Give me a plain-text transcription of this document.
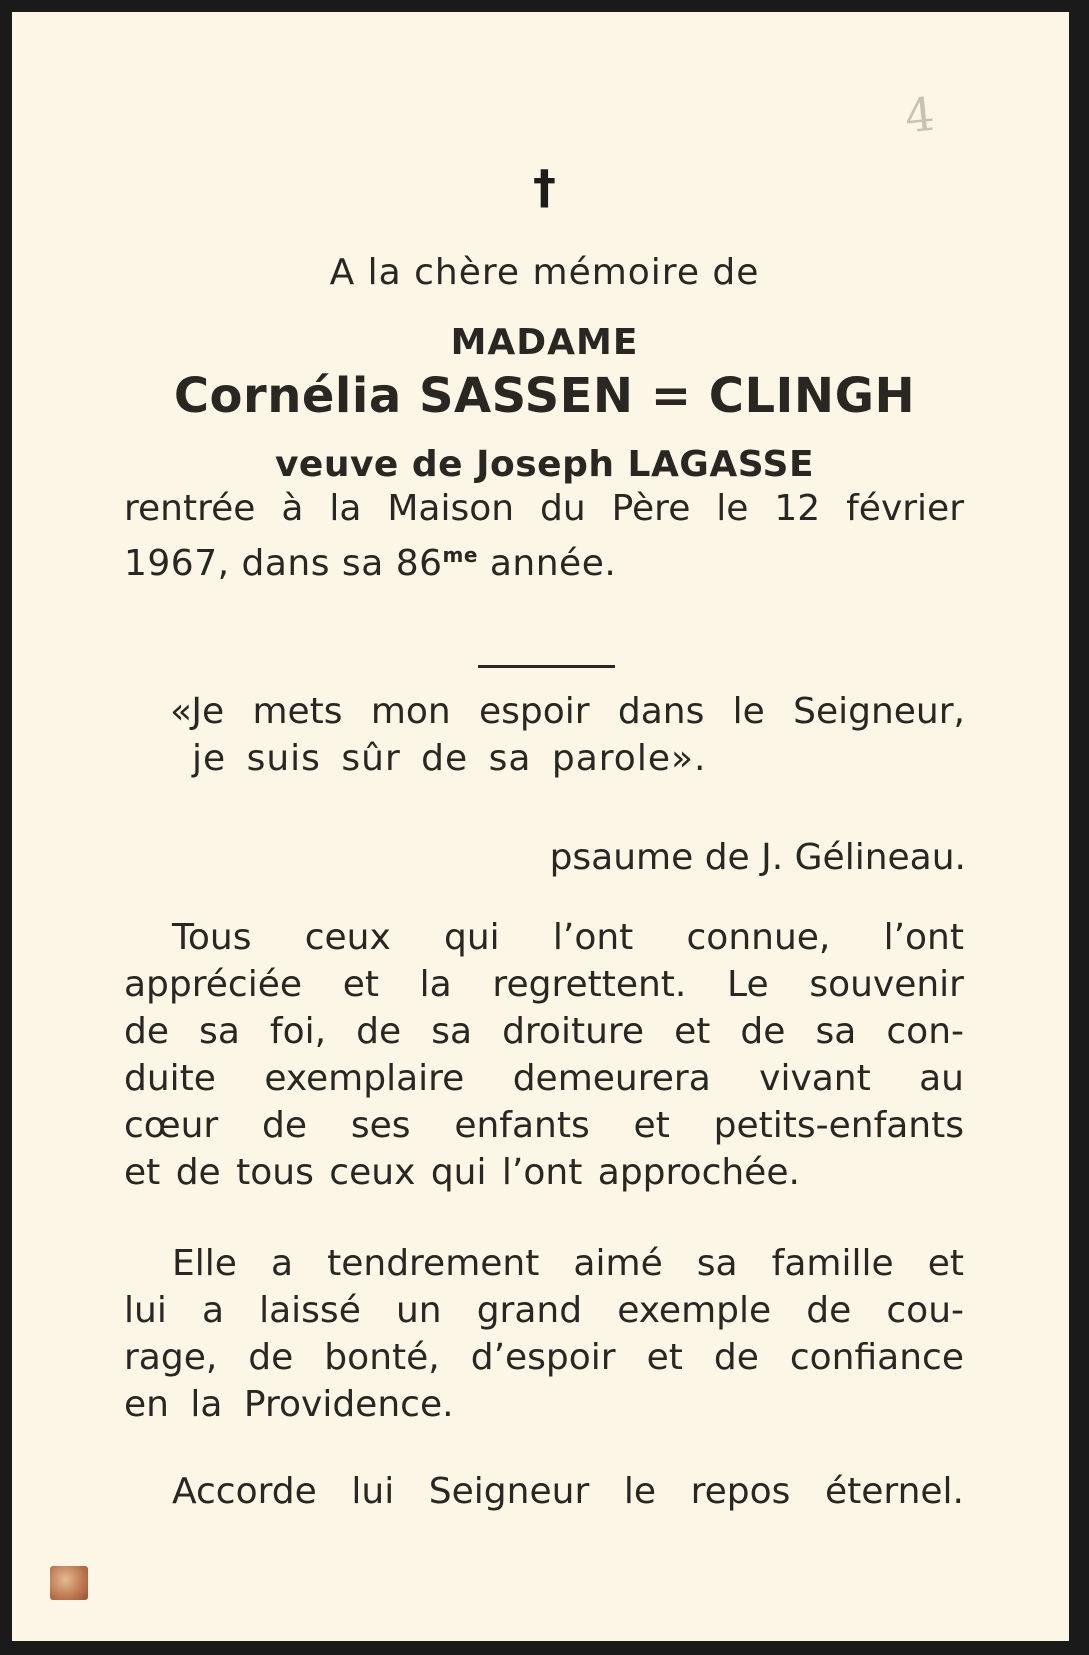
4
†
A la chère mémoire de
MADAME
Cornélia SASSEN = CLINGH
veuve de Joseph LAGASSE
rentrée à la Maison du Père le 12 février
1967, dans sa $86^{me}$ année.
«Je mets mon espoir dans le Seigneur,
je suis sûr de sa parole».
psaume de J. Gélineau.
Tous ceux qui l’ont connue, l’ont
appréciée et la regrettent. Le souvenir
de sa foi, de sa droiture et de sa con-
duite exemplaire demeurera vivant au
cœur de ses enfants et petits-enfants
et de tous ceux qui l’ont approchée.
Elle a tendrement aimé sa famille et
lui a laissé un grand exemple de cou-
rage, de bonté, d’espoir et de confiance
en la Providence.
Accorde lui Seigneur le repos éternel.
